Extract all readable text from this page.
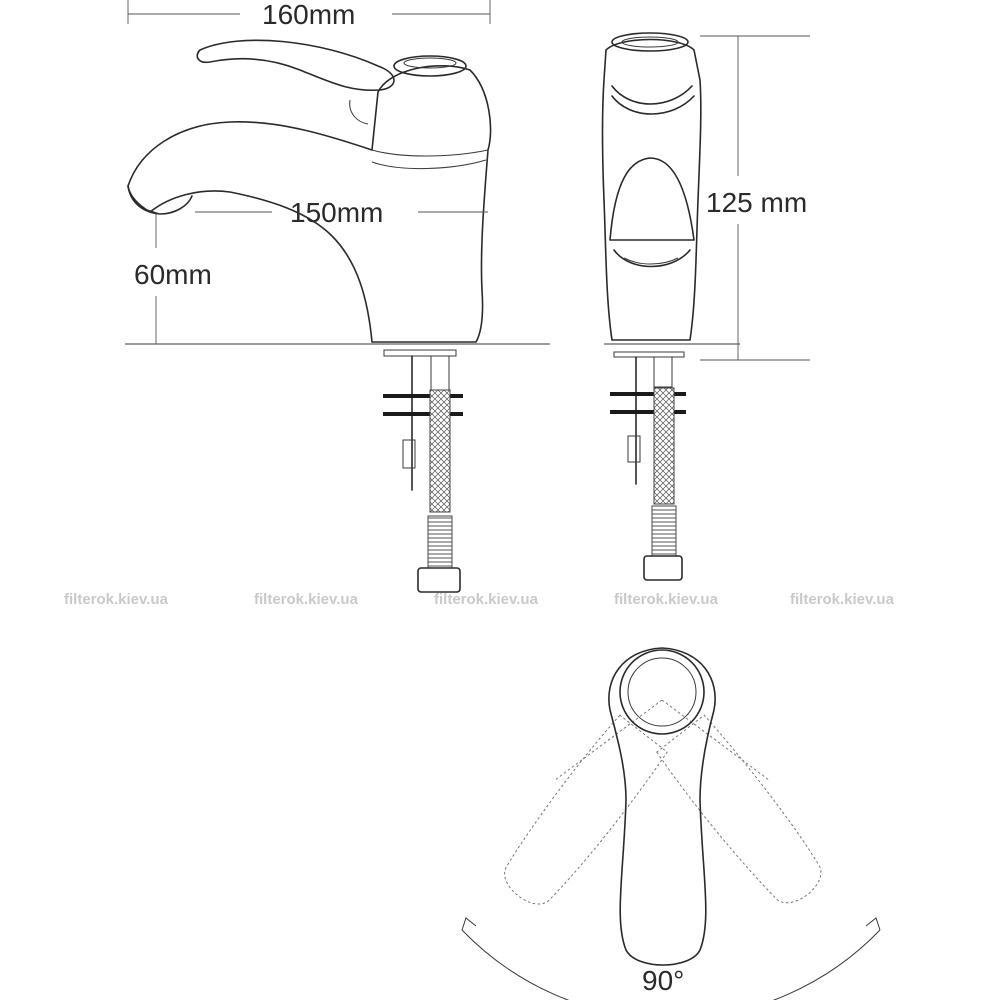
160mm
150mm
60mm
125 mm
filterok.kiev.ua	filterok.kiev.ua	filterok.kiev.ua	filterok.kiev.ua	filterok.kiev.ua
90°
